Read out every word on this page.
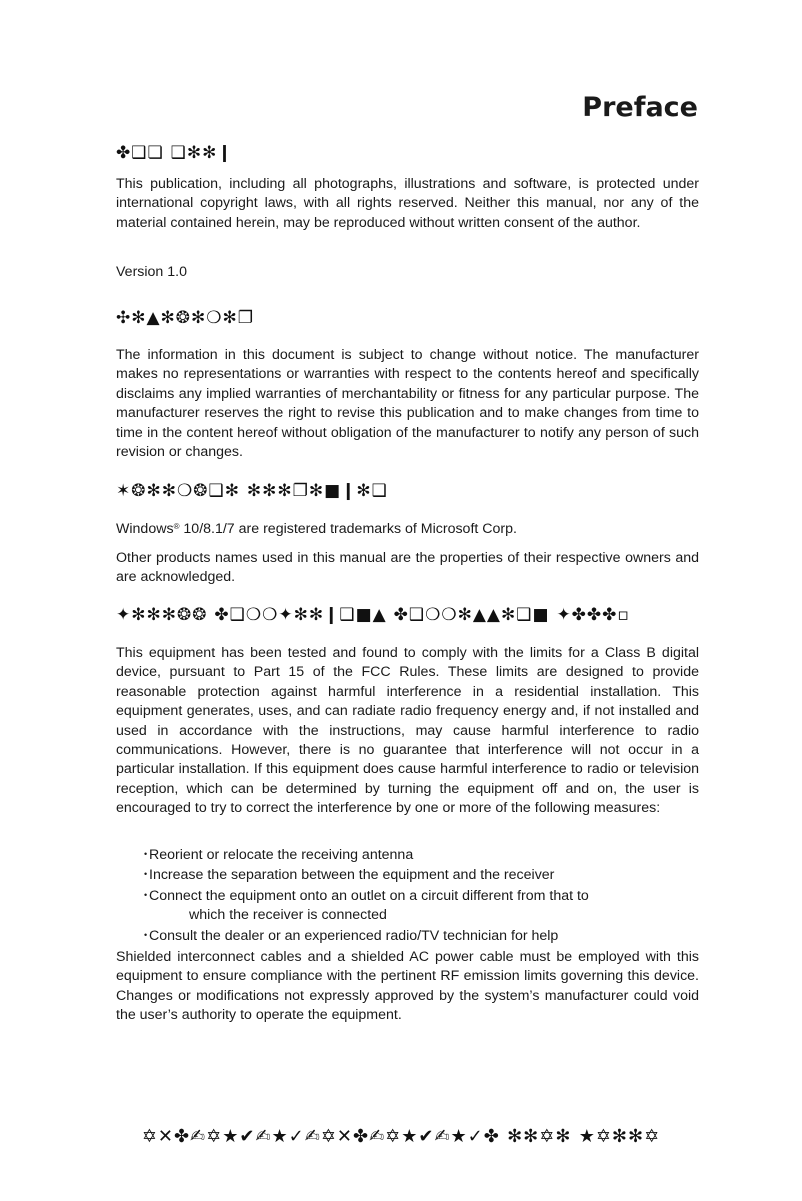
Preface
✤❑❏ ❑✻✻❙

This publication, including all photographs, illustrations and software, is protected under international copyright laws, with all rights reserved. Neither this manual, nor any of the material contained herein, may be reproduced without written consent of the author.

Version 1.0

✣✻▲✻❂✻❍✻❐

The information in this document is subject to change without notice. The manufacturer makes no representations or warranties with respect to the contents hereof and specifically disclaims any implied warranties of merchantability or fitness for any particular purpose. The manufacturer reserves the right to revise this publication and to make changes from time to time in the content hereof without obligation of the manufacturer to notify any person of such revision or changes.

✶❂✻✻❍❂❑✻ ✻✻✻❐✻■❙✻❑

Windows® 10/8.1/7 are registered trademarks of Microsoft Corp.

Other products names used in this manual are the properties of their respective owners and are acknowledged.

✦✻✻✻❂❂ ✤❑❍❍✦✻✻❙❑■▲ ✤❑❍❍✻▲▲✻❑■ ✦✤✤✤▫

This equipment has been tested and found to comply with the limits for a Class B digital device, pursuant to Part 15 of the FCC Rules. These limits are designed to provide reasonable protection against harmful interference in a residential installation. This equipment generates, uses, and can radiate radio frequency energy and, if not installed and used in accordance with the instructions, may cause harmful interference to radio communications. However, there is no guarantee that interference will not occur in a particular installation. If this equipment does cause harmful interference to radio or television reception, which can be determined by turning the equipment off and on, the user is encouraged to try to correct the interference by one or more of the following measures:

• Reorient or relocate the receiving antenna
• Increase the separation between the equipment and the receiver
• Connect the equipment onto an outlet on a circuit different from that to
which the receiver is connected
• Consult the dealer or an experienced radio/TV technician for help

Shielded interconnect cables and a shielded AC power cable must be employed with this equipment to ensure compliance with the pertinent RF emission limits governing this device. Changes or modifications not expressly approved by the system’s manufacturer could void the user’s authority to operate the equipment.

✡✕✤✍✡★✔✍★✓✍✡✕✤✍✡★✔✍★✓✤ ✻✻✡✻ ★✡✻✻✡
